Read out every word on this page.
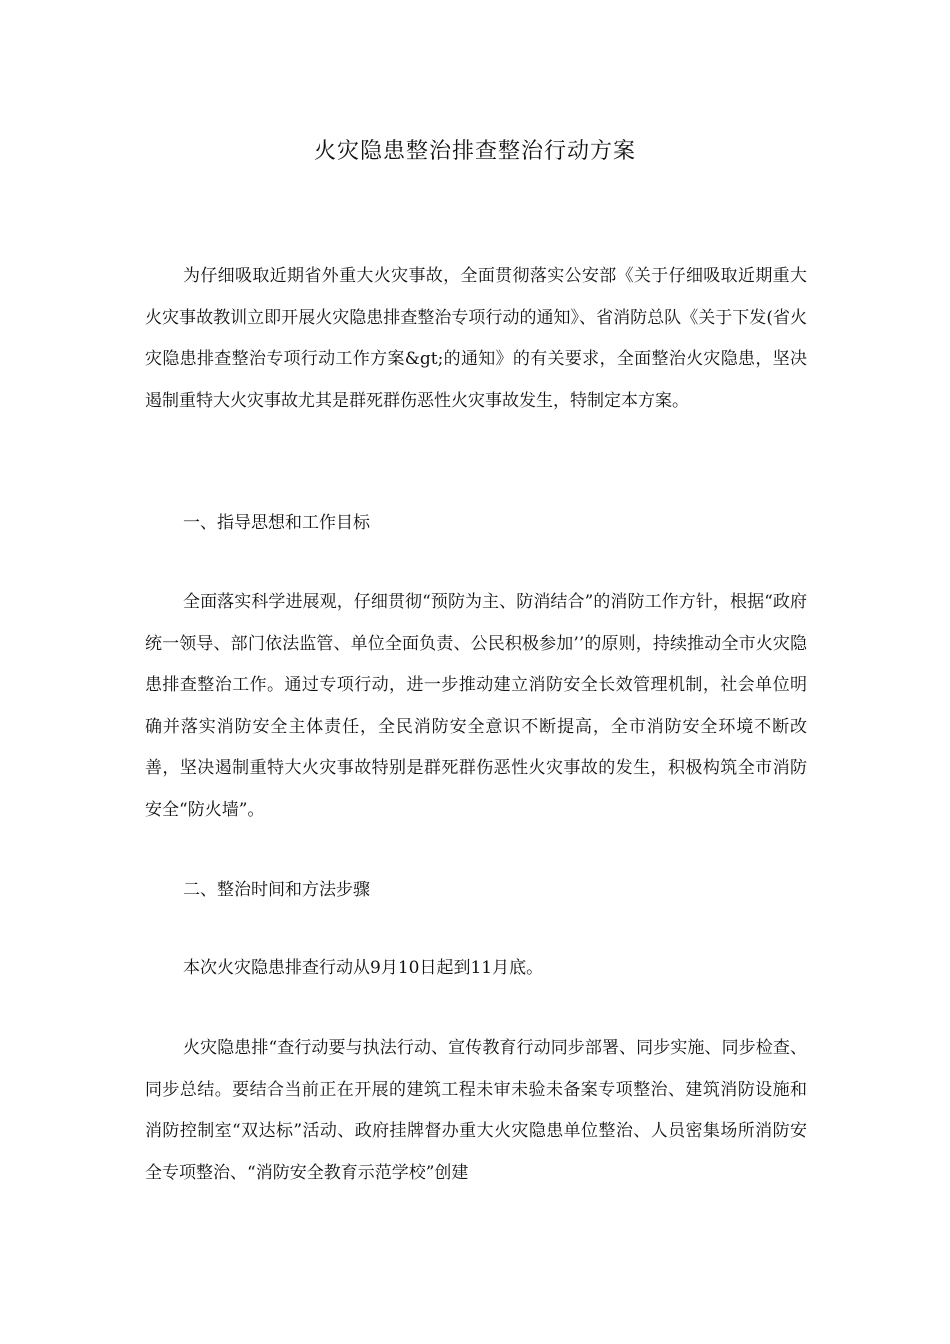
火灾隐患整治排查整治行动方案

为仔细吸取近期省外重大火灾事故，全面贯彻落实公安部《关于仔细吸取近期重大火灾事故教训立即开展火灾隐患排查整治专项行动的通知》、省消防总队《关于下发(省火灾隐患排查整治专项行动工作方案&gt;的通知》的有关要求，全面整治火灾隐患，坚决遏制重特大火灾事故尤其是群死群伤恶性火灾事故发生，特制定本方案。

一、指导思想和工作目标

全面落实科学进展观，仔细贯彻“预防为主、防消结合”的消防工作方针，根据“政府统一领导、部门依法监管、单位全面负责、公民积极参加’’的原则，持续推动全市火灾隐患排查整治工作。通过专项行动，进一步推动建立消防安全长效管理机制，社会单位明确并落实消防安全主体责任，全民消防安全意识不断提高，全市消防安全环境不断改善，坚决遏制重特大火灾事故特别是群死群伤恶性火灾事故的发生，积极构筑全市消防安全“防火墙”。

二、整治时间和方法步骤

本次火灾隐患排查行动从9月10日起到11月底。

火灾隐患排“查行动要与执法行动、宣传教育行动同步部署、同步实施、同步检查、同步总结。要结合当前正在开展的建筑工程未审未验未备案专项整治、建筑消防设施和消防控制室“双达标”活动、政府挂牌督办重大火灾隐患单位整治、人员密集场所消防安全专项整治、“消防安全教育示范学校”创建
